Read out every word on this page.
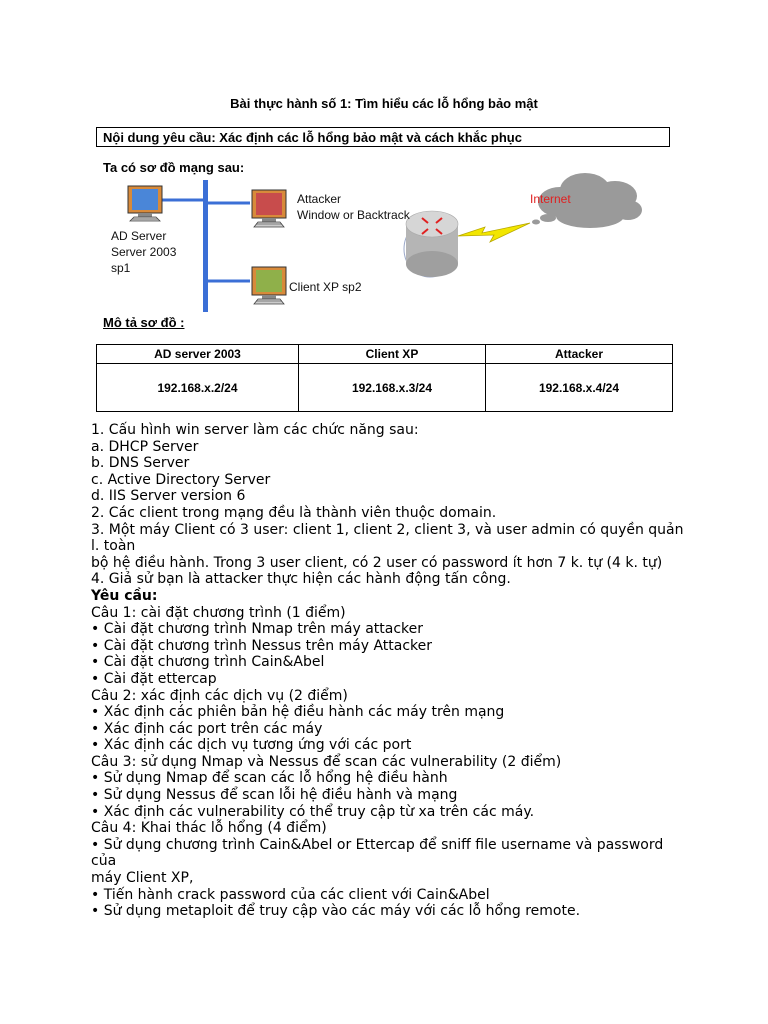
Bài thực hành số 1: Tìm hiểu các lỗ hổng bảo mật
Nội dung yêu cầu: Xác định các lỗ hổng bảo mật và cách khắc phục
Ta có sơ đồ mạng sau:
AD Server
Server 2003
sp1
Attacker
Window or Backtrack
Client XP sp2
Internet
Mô tả sơ đồ :
AD server 2003	Client XP	Attacker
192.168.x.2/24	192.168.x.3/24	192.168.x.4/24
1. Cấu hình win server làm các chức năng sau:
a. DHCP Server
b. DNS Server
c. Active Directory Server
d. IIS Server version 6
2. Các client trong mạng đều là thành viên thuộc domain.
3. Một máy Client có 3 user: client 1, client 2, client 3, và user admin có quyền quản
l. toàn
bộ hệ điều hành. Trong 3 user client, có 2 user có password ít hơn 7 k. tự (4 k. tự)
4. Giả sử bạn là attacker thực hiện các hành động tấn công.
Yêu cầu:
Câu 1: cài đặt chương trình (1 điểm)
• Cài đặt chương trình Nmap trên máy attacker
• Cài đặt chương trình Nessus trên máy Attacker
• Cài đặt chương trình Cain&Abel
• Cài đặt ettercap
Câu 2: xác định các dịch vụ (2 điểm)
• Xác định các phiên bản hệ điều hành các máy trên mạng
• Xác định các port trên các máy
• Xác định các dịch vụ tương ứng với các port
Câu 3: sử dụng Nmap và Nessus để scan các vulnerability (2 điểm)
• Sử dụng Nmap để scan các lỗ hổng hệ điều hành
• Sử dụng Nessus để scan lỗi hệ điều hành và mạng
• Xác định các vulnerability có thể truy cập từ xa trên các máy.
Câu 4: Khai thác lỗ hổng (4 điểm)
• Sử dụng chương trình Cain&Abel or Ettercap để sniff file username và password
của
máy Client XP,
• Tiến hành crack password của các client với Cain&Abel
• Sử dụng metaploit để truy cập vào các máy với các lỗ hổng remote.
